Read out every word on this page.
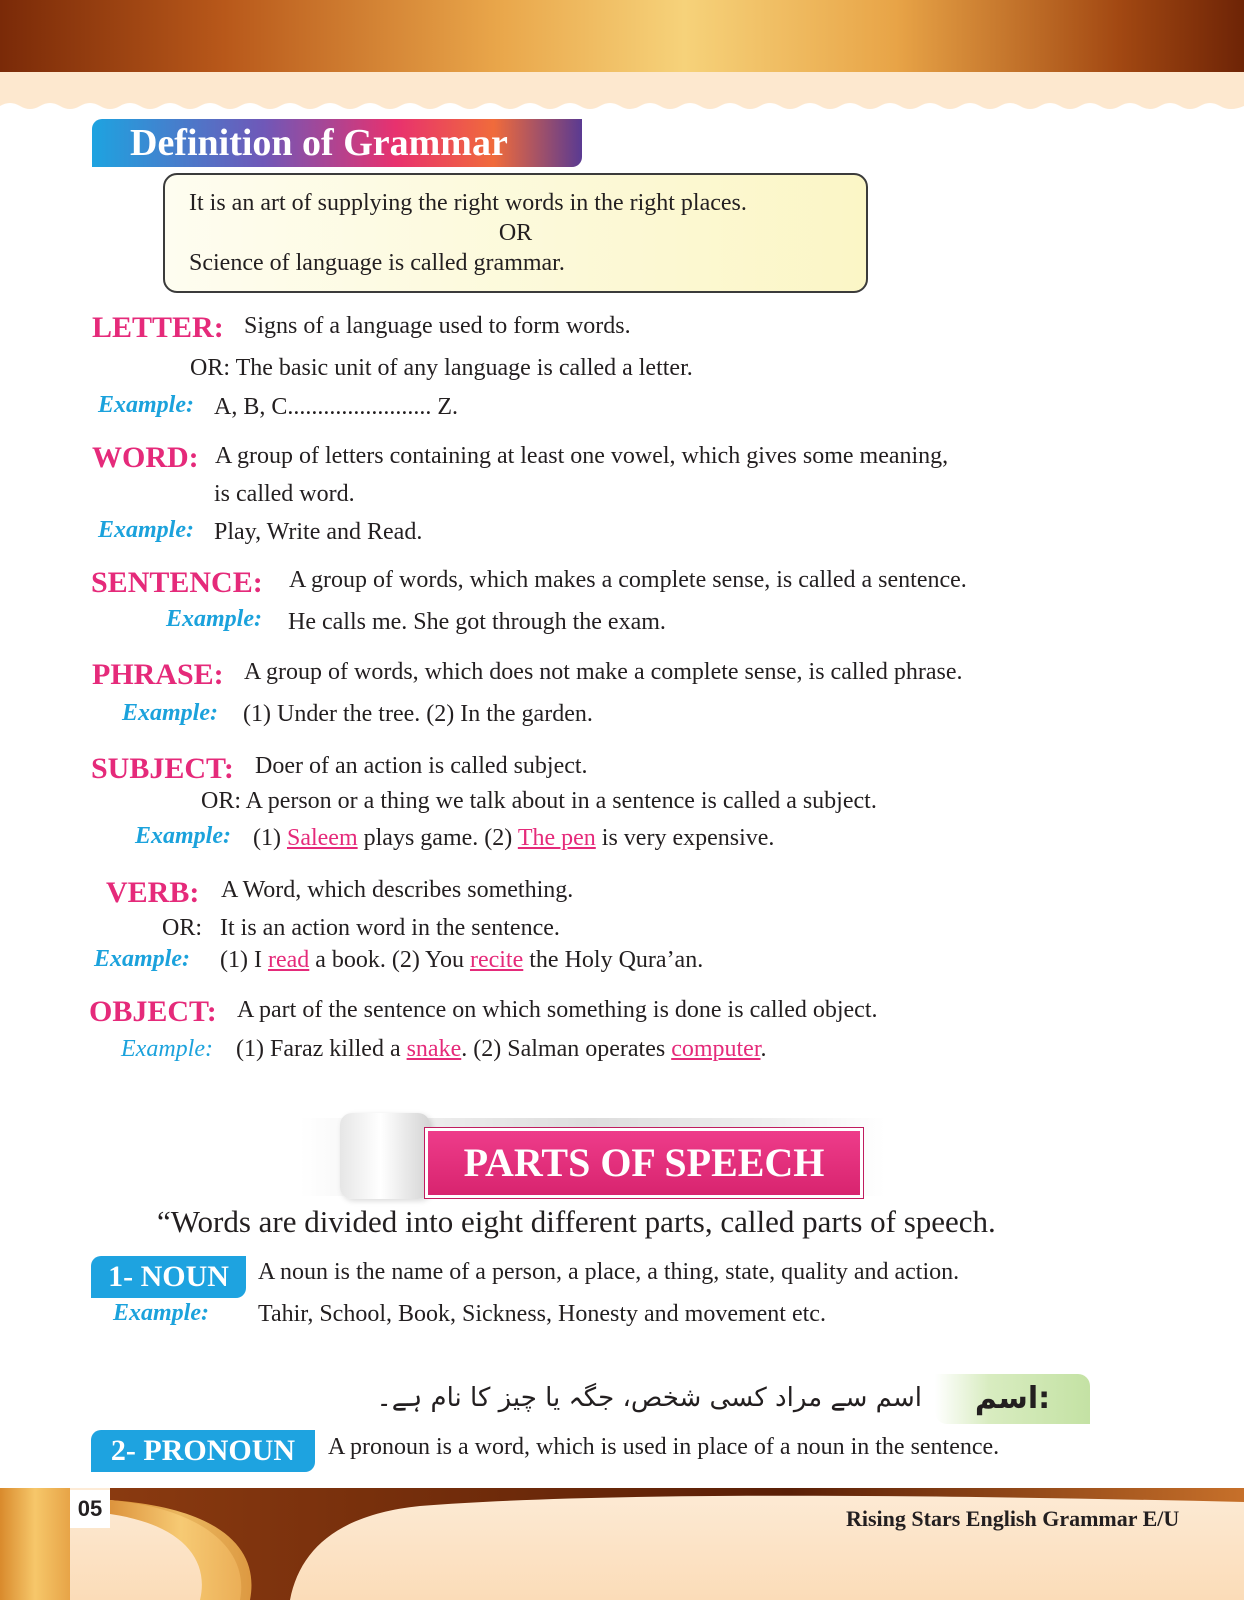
Definition of Grammar
It is an art of supplying the right words in the right places.
OR
Science of language is called grammar.
LETTER: Signs of a language used to form words.
OR: The basic unit of any language is called a letter.
Example: A, B, C........................ Z.
WORD: A group of letters containing at least one vowel, which gives some meaning,
is called word.
Example: Play, Write and Read.
SENTENCE: A group of words, which makes a complete sense, is called a sentence.
Example: He calls me. She got through the exam.
PHRASE: A group of words, which does not make a complete sense, is called phrase.
Example: (1) Under the tree. (2) In the garden.
SUBJECT: Doer of an action is called subject.
OR: A person or a thing we talk about in a sentence is called a subject.
Example: (1) Saleem plays game. (2) The pen is very expensive.
VERB: A Word, which describes something.
OR: It is an action word in the sentence.
Example: (1) I read a book. (2) You recite the Holy Qura’an.
OBJECT: A part of the sentence on which something is done is called object.
Example: (1) Faraz killed a snake. (2) Salman operates computer.
PARTS OF SPEECH
“Words are divided into eight different parts, called parts of speech.
1- NOUN	A noun is the name of a person, a place, a thing, state, quality and action.
Example: Tahir, School, Book, Sickness, Honesty and movement etc.
اسم:
اسم سے مراد کسی شخص، جگہ یا چیز کا نام ہے۔
2- PRONOUN	A pronoun is a word, which is used in place of a noun in the sentence.
05	Rising Stars English Grammar E/U
